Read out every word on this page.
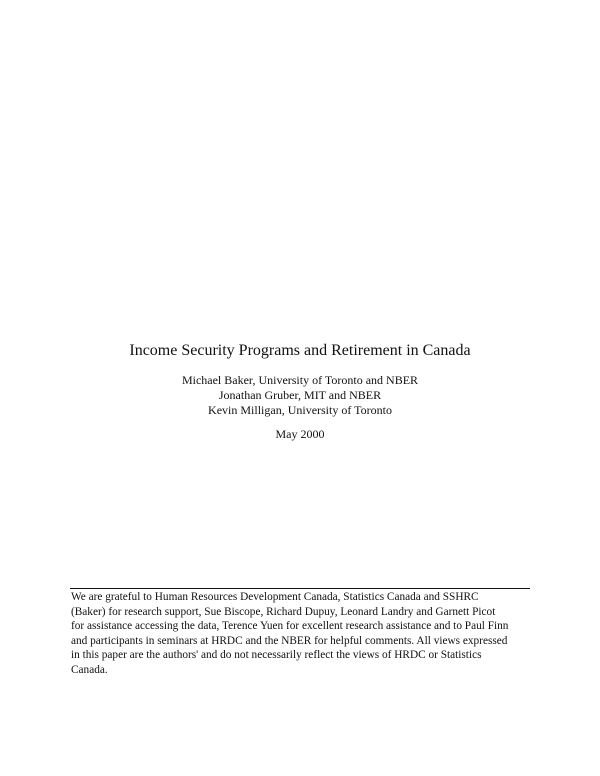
Income Security Programs and Retirement in Canada
Michael Baker, University of Toronto and NBER
Jonathan Gruber, MIT and NBER
Kevin Milligan, University of Toronto
May 2000
We are grateful to Human Resources Development Canada, Statistics Canada and SSHRC
(Baker) for research support, Sue Biscope, Richard Dupuy, Leonard Landry and Garnett Picot
for assistance accessing the data, Terence Yuen for excellent research assistance and to Paul Finn
and participants in seminars at HRDC and the NBER for helpful comments. All views expressed
in this paper are the authors' and do not necessarily reflect the views of HRDC or Statistics
Canada.
